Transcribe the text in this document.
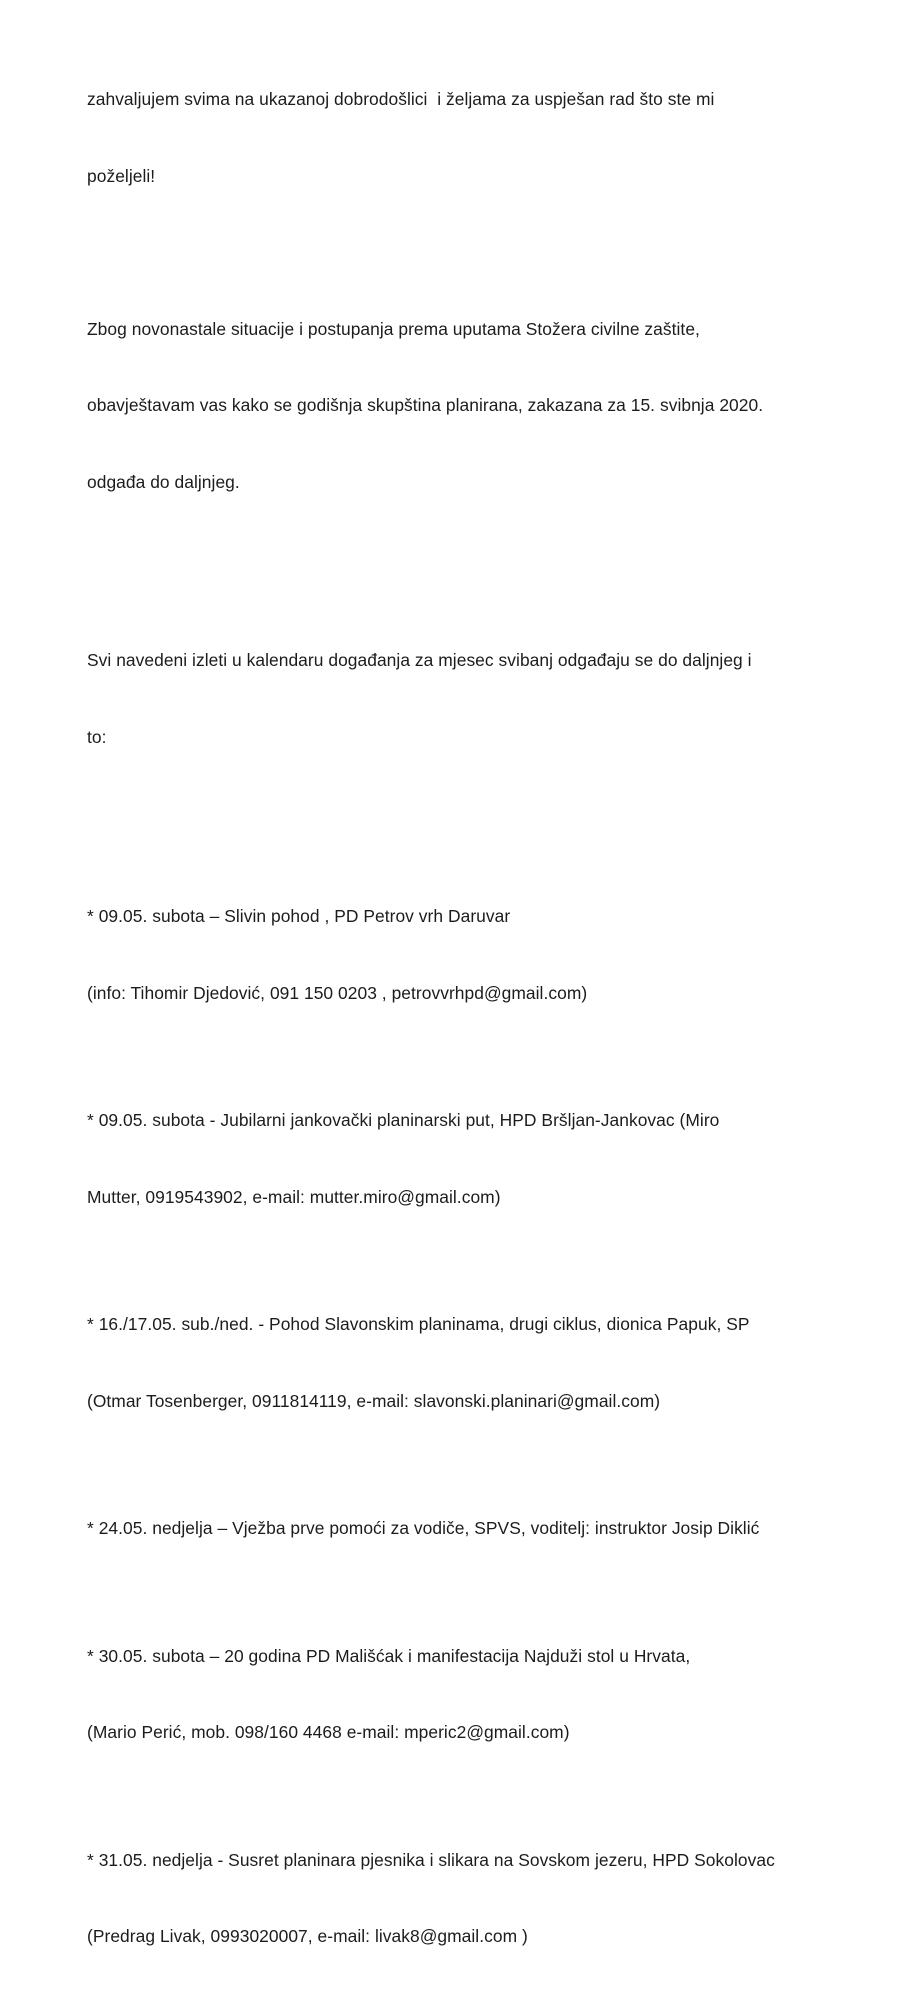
zahvaljujem svima na ukazanoj dobrodošlici  i željama za uspješan rad što ste mi

poželjeli!

Zbog novonastale situacije i postupanja prema uputama Stožera civilne zaštite,

obavještavam vas kako se godišnja skupština planirana, zakazana za 15. svibnja 2020.

odgađa do daljnjeg.

Svi navedeni izleti u kalendaru događanja za mjesec svibanj odgađaju se do daljnjeg i

to:

* 09.05. subota – Slivin pohod , PD Petrov vrh Daruvar

(info: Tihomir Djedović, 091 150 0203 , petrovvrhpd@gmail.com)

* 09.05. subota - Jubilarni jankovački planinarski put, HPD Bršljan-Jankovac (Miro

Mutter, 0919543902, e-mail: mutter.miro@gmail.com)

* 16./17.05. sub./ned. - Pohod Slavonskim planinama, drugi ciklus, dionica Papuk, SP

(Otmar Tosenberger, 0911814119, e-mail: slavonski.planinari@gmail.com)

* 24.05. nedjelja – Vježba prve pomoći za vodiče, SPVS, voditelj: instruktor Josip Diklić

* 30.05. subota – 20 godina PD Mališćak i manifestacija Najduži stol u Hrvata,

(Mario Perić, mob. 098/160 4468 e-mail: mperic2@gmail.com)

* 31.05. nedjelja - Susret planinara pjesnika i slikara na Sovskom jezeru, HPD Sokolovac

(Predrag Livak, 0993020007, e-mail: livak8@gmail.com )
